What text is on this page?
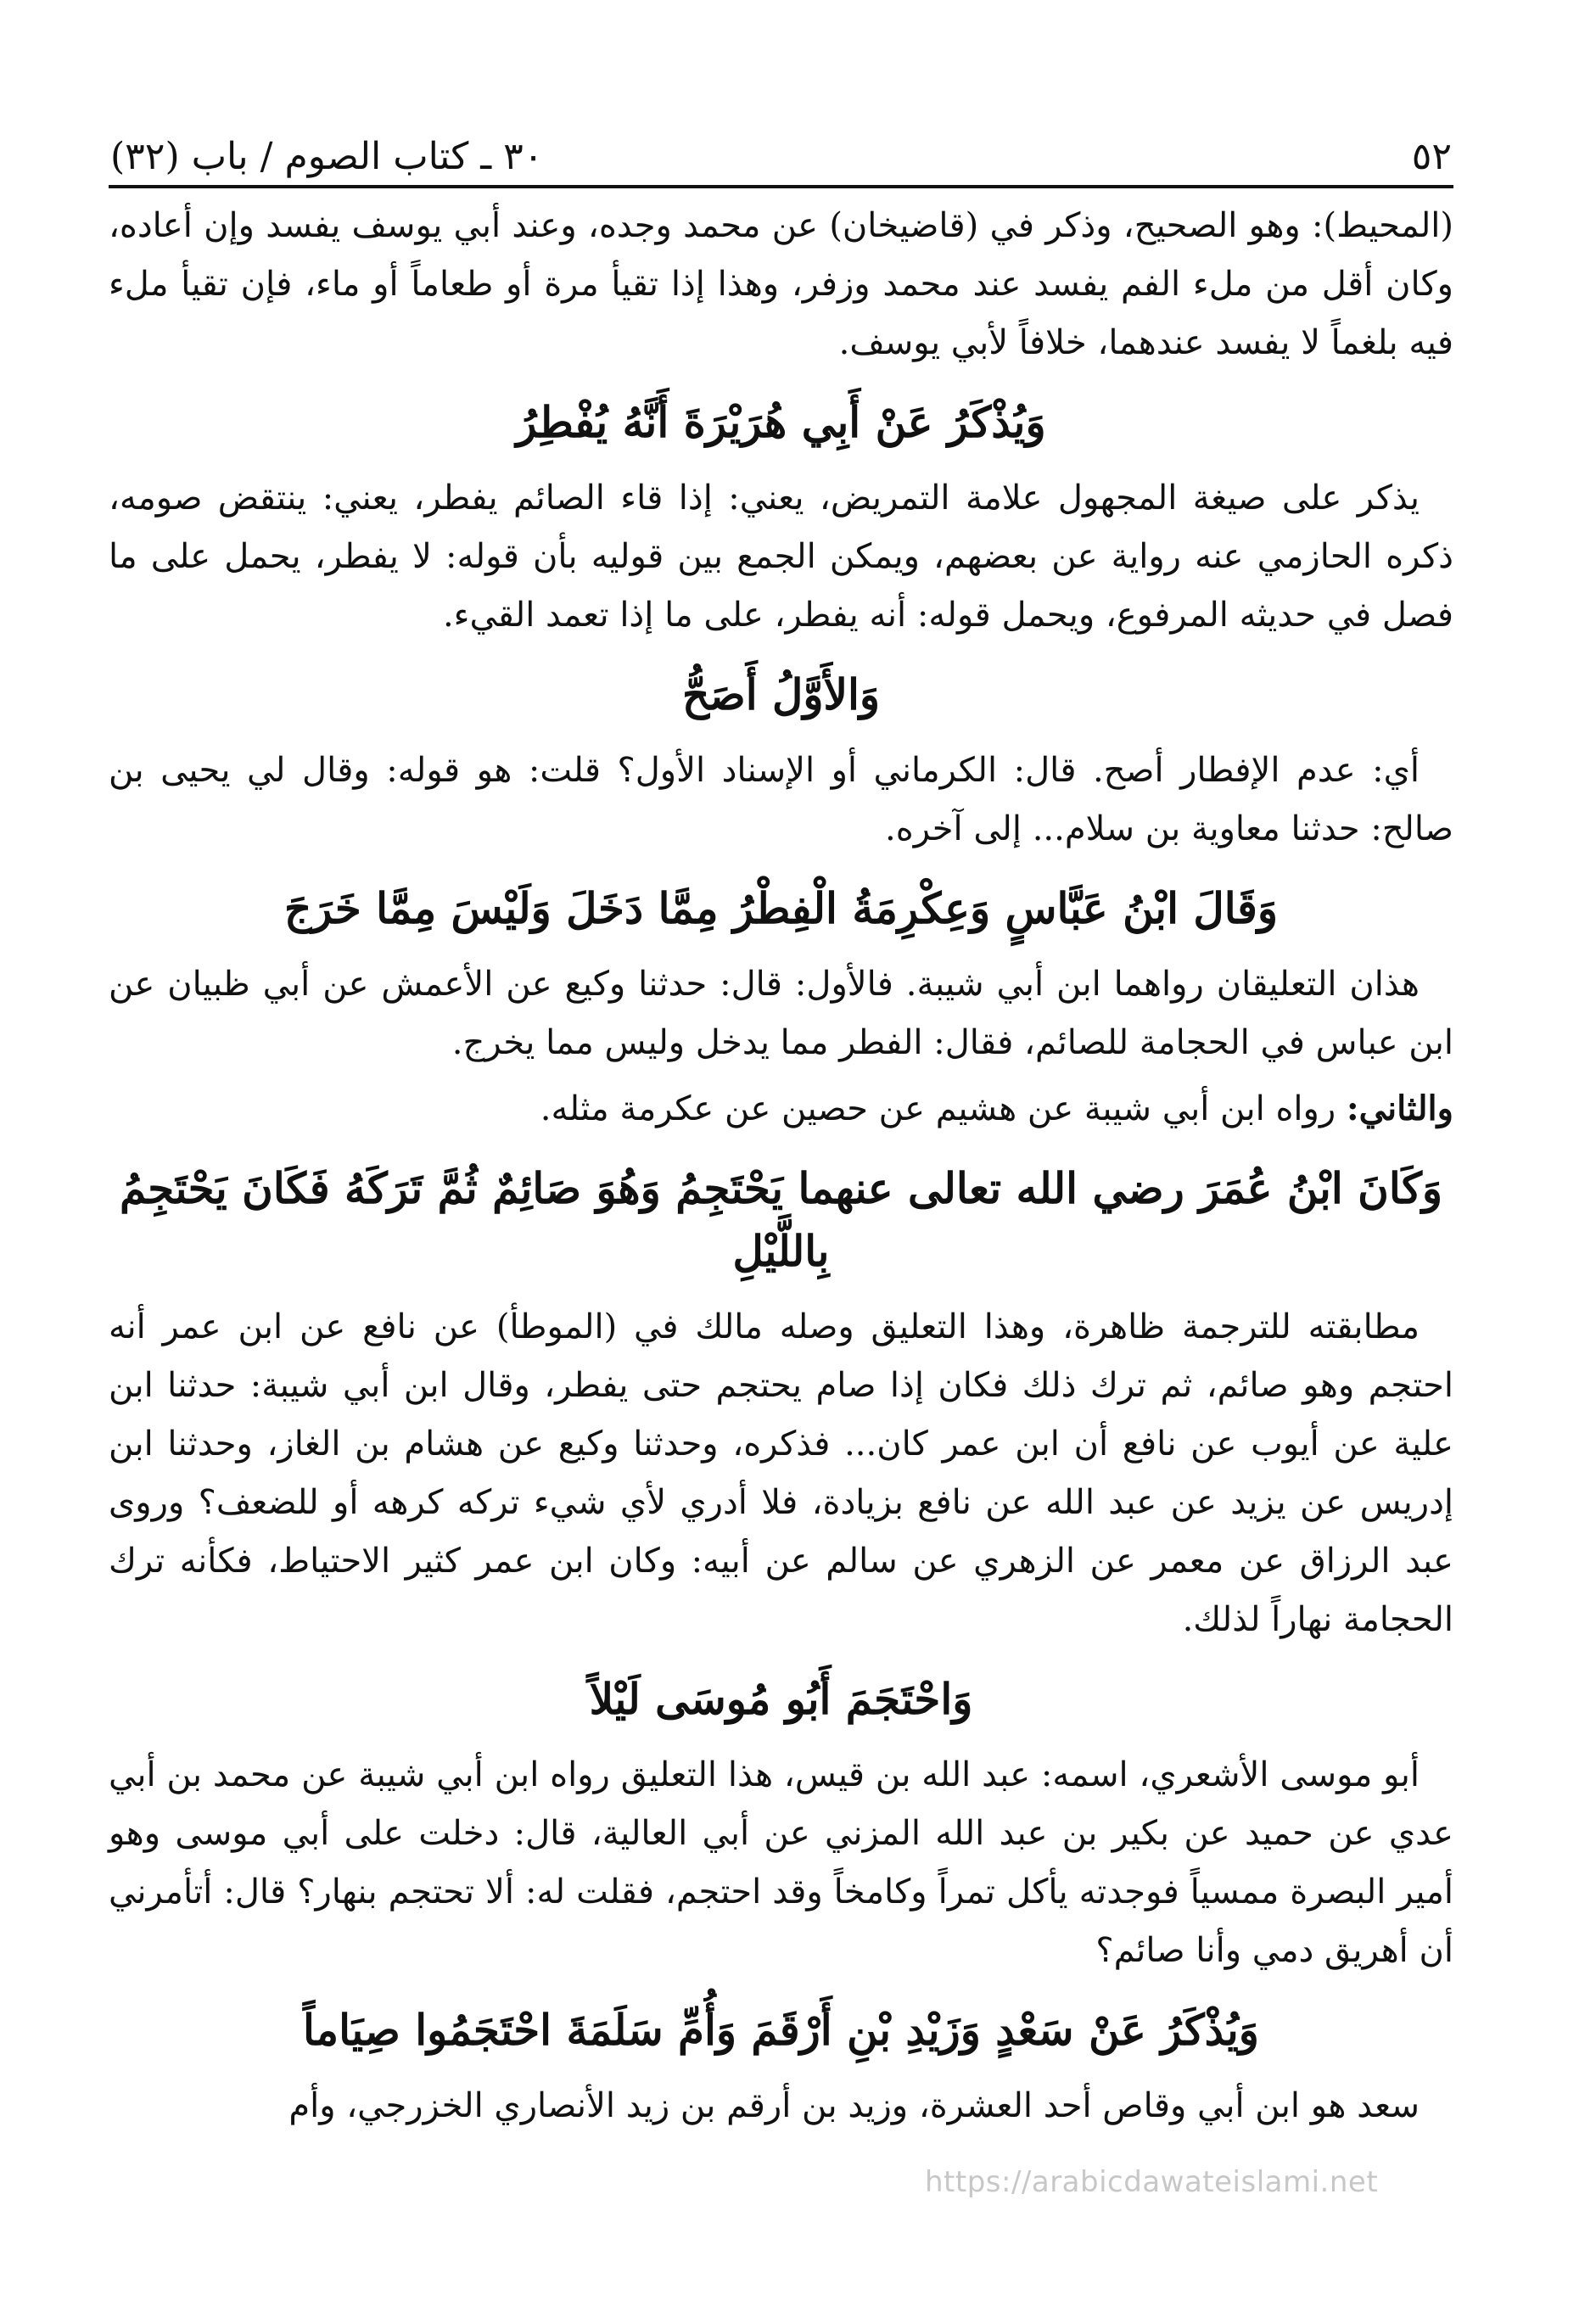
٥٢
٣٠ ـ كتاب الصوم / باب (٣٢)

(المحيط): وهو الصحيح، وذكر في (قاضيخان) عن محمد وجده، وعند أبي يوسف يفسد وإن أعاده، وكان أقل من ملء الفم يفسد عند محمد وزفر، وهذا إذا تقيأ مرة أو طعاماً أو ماء، فإن تقيأ ملء فيه بلغماً لا يفسد عندهما، خلافاً لأبي يوسف.

وَيُذْكَرُ عَنْ أَبِي هُرَيْرَةَ أَنَّهُ يُفْطِرُ

يذكر على صيغة المجهول علامة التمريض، يعني: إذا قاء الصائم يفطر، يعني: ينتقض صومه، ذكره الحازمي عنه رواية عن بعضهم، ويمكن الجمع بين قوليه بأن قوله: لا يفطر، يحمل على ما فصل في حديثه المرفوع، ويحمل قوله: أنه يفطر، على ما إذا تعمد القيء.

وَالأَوَّلُ أَصَحُّ

أي: عدم الإفطار أصح. قال: الكرماني أو الإسناد الأول؟ قلت: هو قوله: وقال لي يحيى بن صالح: حدثنا معاوية بن سلام... إلى آخره.

وَقَالَ ابْنُ عَبَّاسٍ وَعِكْرِمَةُ الْفِطْرُ مِمَّا دَخَلَ وَلَيْسَ مِمَّا خَرَجَ

هذان التعليقان رواهما ابن أبي شيبة. فالأول: قال: حدثنا وكيع عن الأعمش عن أبي ظبيان عن ابن عباس في الحجامة للصائم، فقال: الفطر مما يدخل وليس مما يخرج.

والثاني: رواه ابن أبي شيبة عن هشيم عن حصين عن عكرمة مثله.

وَكَانَ ابْنُ عُمَرَ رضي الله تعالى عنهما يَحْتَجِمُ وَهُوَ صَائِمٌ ثُمَّ تَرَكَهُ فَكَانَ يَحْتَجِمُ بِاللَّيْلِ

مطابقته للترجمة ظاهرة، وهذا التعليق وصله مالك في (الموطأ) عن نافع عن ابن عمر أنه احتجم وهو صائم، ثم ترك ذلك فكان إذا صام يحتجم حتى يفطر، وقال ابن أبي شيبة: حدثنا ابن علية عن أيوب عن نافع أن ابن عمر كان... فذكره، وحدثنا وكيع عن هشام بن الغاز، وحدثنا ابن إدريس عن يزيد عن عبد الله عن نافع بزيادة، فلا أدري لأي شيء تركه كرهه أو للضعف؟ وروى عبد الرزاق عن معمر عن الزهري عن سالم عن أبيه: وكان ابن عمر كثير الاحتياط، فكأنه ترك الحجامة نهاراً لذلك.

وَاحْتَجَمَ أَبُو مُوسَى لَيْلاً

أبو موسى الأشعري، اسمه: عبد الله بن قيس، هذا التعليق رواه ابن أبي شيبة عن محمد بن أبي عدي عن حميد عن بكير بن عبد الله المزني عن أبي العالية، قال: دخلت على أبي موسى وهو أمير البصرة ممسياً فوجدته يأكل تمراً وكامخاً وقد احتجم، فقلت له: ألا تحتجم بنهار؟ قال: أتأمرني أن أهريق دمي وأنا صائم؟

وَيُذْكَرُ عَنْ سَعْدٍ وَزَيْدِ بْنِ أَرْقَمَ وَأُمِّ سَلَمَةَ احْتَجَمُوا صِيَاماً

سعد هو ابن أبي وقاص أحد العشرة، وزيد بن أرقم بن زيد الأنصاري الخزرجي، وأم

https://arabicdawateislami.net
